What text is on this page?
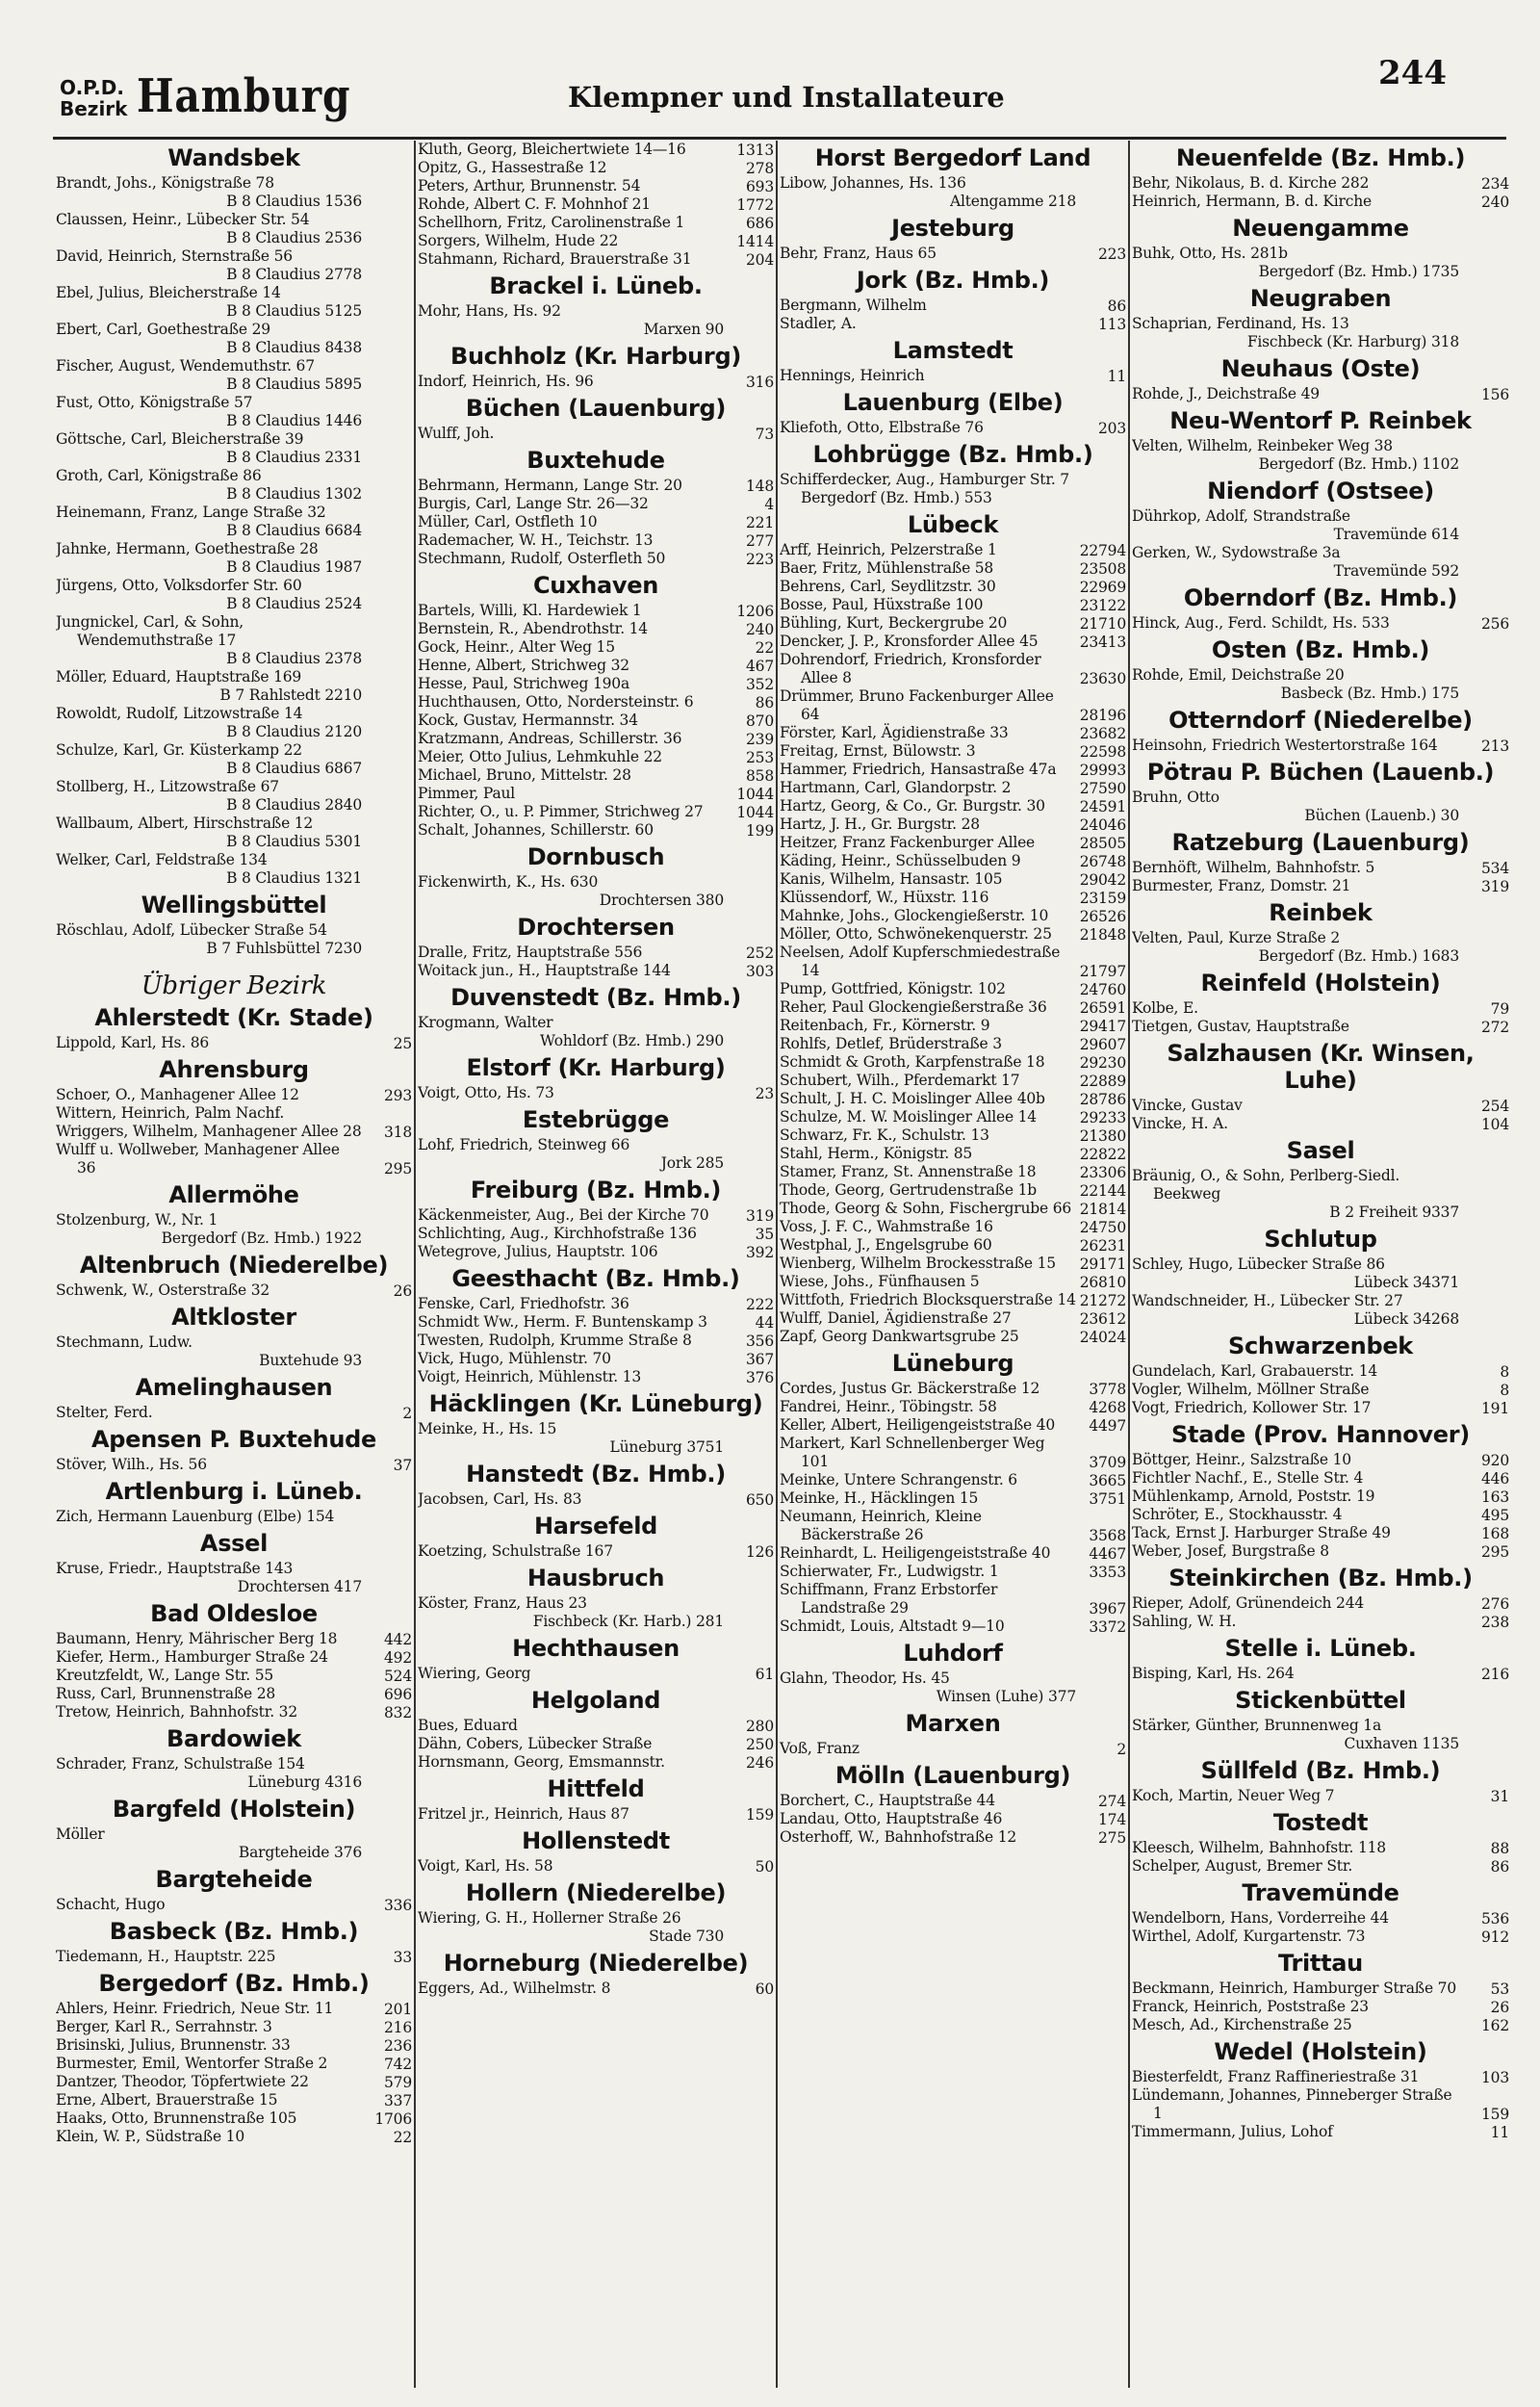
O.P.D.
Bezirk Hamburg	Klempner und Installateure
244
Wandsbek
Brandt, Johs., Königstraße 78
B 8 Claudius 1536
Claussen, Heinr., Lübecker Str. 54
B 8 Claudius 2536
David, Heinrich, Sternstraße 56
B 8 Claudius 2778
Ebel, Julius, Bleicherstraße 14
B 8 Claudius 5125
Ebert, Carl, Goethestraße 29
B 8 Claudius 8438
Fischer, August, Wendemuthstr. 67
B 8 Claudius 5895
Fust, Otto, Königstraße 57
B 8 Claudius 1446
Göttsche, Carl, Bleicherstraße 39
B 8 Claudius 2331
Groth, Carl, Königstraße 86
B 8 Claudius 1302
Heinemann, Franz, Lange Straße 32
B 8 Claudius 6684
Jahnke, Hermann, Goethestraße 28
B 8 Claudius 1987
Jürgens, Otto, Volksdorfer Str. 60
B 8 Claudius 2524
Jungnickel, Carl, & Sohn, Wendemuthstraße 17
B 8 Claudius 2378
Möller, Eduard, Hauptstraße 169
B 7 Rahlstedt 2210
Rowoldt, Rudolf, Litzowstraße 14
B 8 Claudius 2120
Schulze, Karl, Gr. Küsterkamp 22
B 8 Claudius 6867
Stollberg, H., Litzowstraße 67
B 8 Claudius 2840
Wallbaum, Albert, Hirschstraße 12
B 8 Claudius 5301
Welker, Carl, Feldstraße 134
B 8 Claudius 1321
Wellingsbüttel
Röschlau, Adolf, Lübecker Straße 54
B 7 Fuhlsbüttel 7230
Übriger Bezirk
Ahlerstedt (Kr. Stade)
Lippold, Karl, Hs. 86	25
Ahrensburg
Schoer, O., Manhagener Allee 12	293
Wittern, Heinrich, Palm Nachf.
Wriggers, Wilhelm, Manhagener Allee 28 318
Wulff u. Wollweber, Manhagener Allee 36	295
Allermöhe
Stolzenburg, W., Nr. 1
Bergedorf (Bz. Hmb.) 1922
Altenbruch (Niederelbe)
Schwenk, W., Osterstraße 32	26
Altkloster
Stechmann, Ludw.
Buxtehude 93
Amelinghausen
Stelter, Ferd.	2
Apensen P. Buxtehude
Stöver, Wilh., Hs. 56	37
Artlenburg i. Lüneb.
Zich, Hermann Lauenburg (Elbe) 154
Assel
Kruse, Friedr., Hauptstraße 143
Drochtersen 417
Bad Oldesloe
Baumann, Henry, Mährischer Berg 18	442
Kiefer, Herm., Hamburger Straße 24	492
Kreutzfeldt, W., Lange Str. 55	524
Russ, Carl, Brunnenstraße 28	696
Tretow, Heinrich, Bahnhofstr. 32	832
Bardowiek
Schrader, Franz, Schulstraße 154
Lüneburg 4316
Bargfeld (Holstein)
Möller
Bargteheide 376
Bargteheide
Schacht, Hugo	336
Basbeck (Bz. Hmb.)
Tiedemann, H., Hauptstr. 225	33
Bergedorf (Bz. Hmb.)
Ahlers, Heinr. Friedrich, Neue Str. 11	201
Berger, Karl R., Serrahnstr. 3	216
Brisinski, Julius, Brunnenstr. 33	236
Burmester, Emil, Wentorfer Straße 2	742
Dantzer, Theodor, Töpfertwiete 22	579
Erne, Albert, Brauerstraße 15	337
Haaks, Otto, Brunnenstraße 105	1706
Klein, W. P., Südstraße 10	22
Kluth, Georg, Bleichertwiete 14—16	1313
Opitz, G., Hassestraße 12	278
Peters, Arthur, Brunnenstr. 54	693
Rohde, Albert C. F. Mohnhof 21	1772
Schellhorn, Fritz, Carolinenstraße 1	686
Sorgers, Wilhelm, Hude 22	1414
Stahmann, Richard, Brauerstraße 31	204
Brackel i. Lüneb.
Mohr, Hans, Hs. 92
Marxen 90
Buchholz (Kr. Harburg)
Indorf, Heinrich, Hs. 96	316
Büchen (Lauenburg)
Wulff, Joh.	73
Buxtehude
Behrmann, Hermann, Lange Str. 20	148
Burgis, Carl, Lange Str. 26—32	4
Müller, Carl, Ostfleth 10	221
Rademacher, W. H., Teichstr. 13	277
Stechmann, Rudolf, Osterfleth 50	223
Cuxhaven
Bartels, Willi, Kl. Hardewiek 1	1206
Bernstein, R., Abendrothstr. 14	240
Gock, Heinr., Alter Weg 15	22
Henne, Albert, Strichweg 32	467
Hesse, Paul, Strichweg 190a	352
Huchthausen, Otto, Nordersteinstr. 6	86
Kock, Gustav, Hermannstr. 34	870
Kratzmann, Andreas, Schillerstr. 36	239
Meier, Otto Julius, Lehmkuhle 22	253
Michael, Bruno, Mittelstr. 28	858
Pimmer, Paul	1044
Richter, O., u. P. Pimmer, Strichweg 27 1044
Schalt, Johannes, Schillerstr. 60	199
Dornbusch
Fickenwirth, K., Hs. 630
Drochtersen 380
Drochtersen
Dralle, Fritz, Hauptstraße 556	252
Woitack jun., H., Hauptstraße 144	303
Duvenstedt (Bz. Hmb.)
Krogmann, Walter
Wohldorf (Bz. Hmb.) 290
Elstorf (Kr. Harburg)
Voigt, Otto, Hs. 73	23
Estebrügge
Lohf, Friedrich, Steinweg 66
Jork 285
Freiburg (Bz. Hmb.)
Käckenmeister, Aug., Bei der Kirche 70 319
Schlichting, Aug., Kirchhofstraße 136	35
Wetegrove, Julius, Hauptstr. 106	392
Geesthacht (Bz. Hmb.)
Fenske, Carl, Friedhofstr. 36	222
Schmidt Ww., Herm. F. Buntenskamp 3	44
Twesten, Rudolph, Krumme Straße 8	356
Vick, Hugo, Mühlenstr. 70	367
Voigt, Heinrich, Mühlenstr. 13	376
Häcklingen (Kr. Lüneburg)
Meinke, H., Hs. 15
Lüneburg 3751
Hanstedt (Bz. Hmb.)
Jacobsen, Carl, Hs. 83	650
Harsefeld
Koetzing, Schulstraße 167	126
Hausbruch
Köster, Franz, Haus 23
Fischbeck (Kr. Harb.) 281
Hechthausen
Wiering, Georg	61
Helgoland
Bues, Eduard	280
Dähn, Cobers, Lübecker Straße	250
Hornsmann, Georg, Emsmannstr.	246
Hittfeld
Fritzel jr., Heinrich, Haus 87	159
Hollenstedt
Voigt, Karl, Hs. 58	50
Hollern (Niederelbe)
Wiering, G. H., Hollerner Straße 26
Stade 730
Horneburg (Niederelbe)
Eggers, Ad., Wilhelmstr. 8	60
Horst Bergedorf Land
Libow, Johannes, Hs. 136
Altengamme 218
Jesteburg
Behr, Franz, Haus 65	223
Jork (Bz. Hmb.)
Bergmann, Wilhelm	86
Stadler, A.	113
Lamstedt
Hennings, Heinrich	11
Lauenburg (Elbe)
Kliefoth, Otto, Elbstraße 76	203
Lohbrügge (Bz. Hmb.)
Schifferdecker, Aug., Hamburger Str. 7 Bergedorf (Bz. Hmb.) 553
Lübeck
Arff, Heinrich, Pelzerstraße 1	22794
Baer, Fritz, Mühlenstraße 58	23508
Behrens, Carl, Seydlitzstr. 30	22969
Bosse, Paul, Hüxstraße 100	23122
Bühling, Kurt, Beckergrube 20	21710
Dencker, J. P., Kronsforder Allee 45	23413
Dohrendorf, Friedrich, Kronsforder Allee 8	23630
Drümmer, Bruno Fackenburger Allee 64	28196
Förster, Karl, Ägidienstraße 33	23682
Freitag, Ernst, Bülowstr. 3	22598
Hammer, Friedrich, Hansastraße 47a 29993
Hartmann, Carl, Glandorpstr. 2	27590
Hartz, Georg, & Co., Gr. Burgstr. 30 24591
Hartz, J. H., Gr. Burgstr. 28	24046
Heitzer, Franz Fackenburger Allee	28505
Käding, Heinr., Schüsselbuden 9	26748
Kanis, Wilhelm, Hansastr. 105	29042
Klüssendorf, W., Hüxstr. 116	23159
Mahnke, Johs., Glockengießerstr. 10 26526
Möller, Otto, Schwönekenquerstr. 25 21848
Neelsen, Adolf Kupferschmiedestraße 14	21797
Pump, Gottfried, Königstr. 102	24760
Reher, Paul Glockengießerstraße 36 26591
Reitenbach, Fr., Körnerstr. 9	29417
Rohlfs, Detlef, Brüderstraße 3	29607
Schmidt & Groth, Karpfenstraße 18 29230
Schubert, Wilh., Pferdemarkt 17	22889
Schult, J. H. C. Moislinger Allee 40b 28786
Schulze, M. W. Moislinger Allee 14	29233
Schwarz, Fr. K., Schulstr. 13	21380
Stahl, Herm., Königstr. 85	22822
Stamer, Franz, St. Annenstraße 18	23306
Thode, Georg, Gertrudenstraße 1b	22144
Thode, Georg & Sohn, Fischergrube 66 21814
Voss, J. F. C., Wahmstraße 16	24750
Westphal, J., Engelsgrube 60	26231
Wienberg, Wilhelm Brockesstraße 15 29171
Wiese, Johs., Fünfhausen 5	26810
Wittfoth, Friedrich Blocksquerstraße 14 21272
Wulff, Daniel, Ägidienstraße 27	23612
Zapf, Georg Dankwartsgrube 25	24024
Lüneburg
Cordes, Justus Gr. Bäckerstraße 12	3778
Fandrei, Heinr., Töbingstr. 58	4268
Keller, Albert, Heiligengeiststraße 40 4497
Markert, Karl Schnellenberger Weg 101	3709
Meinke, Untere Schrangenstr. 6	3665
Meinke, H., Häcklingen 15	3751
Neumann, Heinrich, Kleine Bäckerstraße 26	3568
Reinhardt, L. Heiligengeiststraße 40	4467
Schierwater, Fr., Ludwigstr. 1	3353
Schiffmann, Franz Erbstorfer Landstraße 29	3967
Schmidt, Louis, Altstadt 9—10	3372
Luhdorf
Glahn, Theodor, Hs. 45
Winsen (Luhe) 377
Marxen
Voß, Franz	2
Mölln (Lauenburg)
Borchert, C., Hauptstraße 44	274
Landau, Otto, Hauptstraße 46	174
Osterhoff, W., Bahnhofstraße 12	275
Neuenfelde (Bz. Hmb.)
Behr, Nikolaus, B. d. Kirche 282	234
Heinrich, Hermann, B. d. Kirche	240
Neuengamme
Buhk, Otto, Hs. 281b
Bergedorf (Bz. Hmb.) 1735
Neugraben
Schaprian, Ferdinand, Hs. 13
Fischbeck (Kr. Harburg) 318
Neuhaus (Oste)
Rohde, J., Deichstraße 49	156
Neu-Wentorf P. Reinbek
Velten, Wilhelm, Reinbeker Weg 38
Bergedorf (Bz. Hmb.) 1102
Niendorf (Ostsee)
Dührkop, Adolf, Strandstraße
Travemünde 614
Gerken, W., Sydowstraße 3a
Travemünde 592
Oberndorf (Bz. Hmb.)
Hinck, Aug., Ferd. Schildt, Hs. 533	256
Osten (Bz. Hmb.)
Rohde, Emil, Deichstraße 20
Basbeck (Bz. Hmb.) 175
Otterndorf (Niederelbe)
Heinsohn, Friedrich Westertorstraße 164	213
Pötrau P. Büchen (Lauenb.)
Bruhn, Otto
Büchen (Lauenb.) 30
Ratzeburg (Lauenburg)
Bernhöft, Wilhelm, Bahnhofstr. 5	534
Burmester, Franz, Domstr. 21	319
Reinbek
Velten, Paul, Kurze Straße 2
Bergedorf (Bz. Hmb.) 1683
Reinfeld (Holstein)
Kolbe, E.	79
Tietgen, Gustav, Hauptstraße	272
Salzhausen (Kr. Winsen, Luhe)
Vincke, Gustav	254
Vincke, H. A.	104
Sasel
Bräunig, O., & Sohn, Perlberg-Siedl. Beekweg
B 2 Freiheit 9337
Schlutup
Schley, Hugo, Lübecker Straße 86
Lübeck 34371
Wandschneider, H., Lübecker Str. 27
Lübeck 34268
Schwarzenbek
Gundelach, Karl, Grabauerstr. 14	8
Vogler, Wilhelm, Möllner Straße	8
Vogt, Friedrich, Kollower Str. 17	191
Stade (Prov. Hannover)
Böttger, Heinr., Salzstraße 10	920
Fichtler Nachf., E., Stelle Str. 4	446
Mühlenkamp, Arnold, Poststr. 19	163
Schröter, E., Stockhausstr. 4	495
Tack, Ernst J. Harburger Straße 49	168
Weber, Josef, Burgstraße 8	295
Steinkirchen (Bz. Hmb.)
Rieper, Adolf, Grünendeich 244	276
Sahling, W. H.	238
Stelle i. Lüneb.
Bisping, Karl, Hs. 264	216
Stickenbüttel
Stärker, Günther, Brunnenweg 1a
Cuxhaven 1135
Süllfeld (Bz. Hmb.)
Koch, Martin, Neuer Weg 7	31
Tostedt
Kleesch, Wilhelm, Bahnhofstr. 118	88
Schelper, August, Bremer Str.	86
Travemünde
Wendelborn, Hans, Vorderreihe 44	536
Wirthel, Adolf, Kurgartenstr. 73	912
Trittau
Beckmann, Heinrich, Hamburger Straße 70 53
Franck, Heinrich, Poststraße 23	26
Mesch, Ad., Kirchenstraße 25	162
Wedel (Holstein)
Biesterfeldt, Franz Raffineriestraße 31	103
Lündemann, Johannes, Pinneberger Straße 1	159
Timmermann, Julius, Lohof	11
